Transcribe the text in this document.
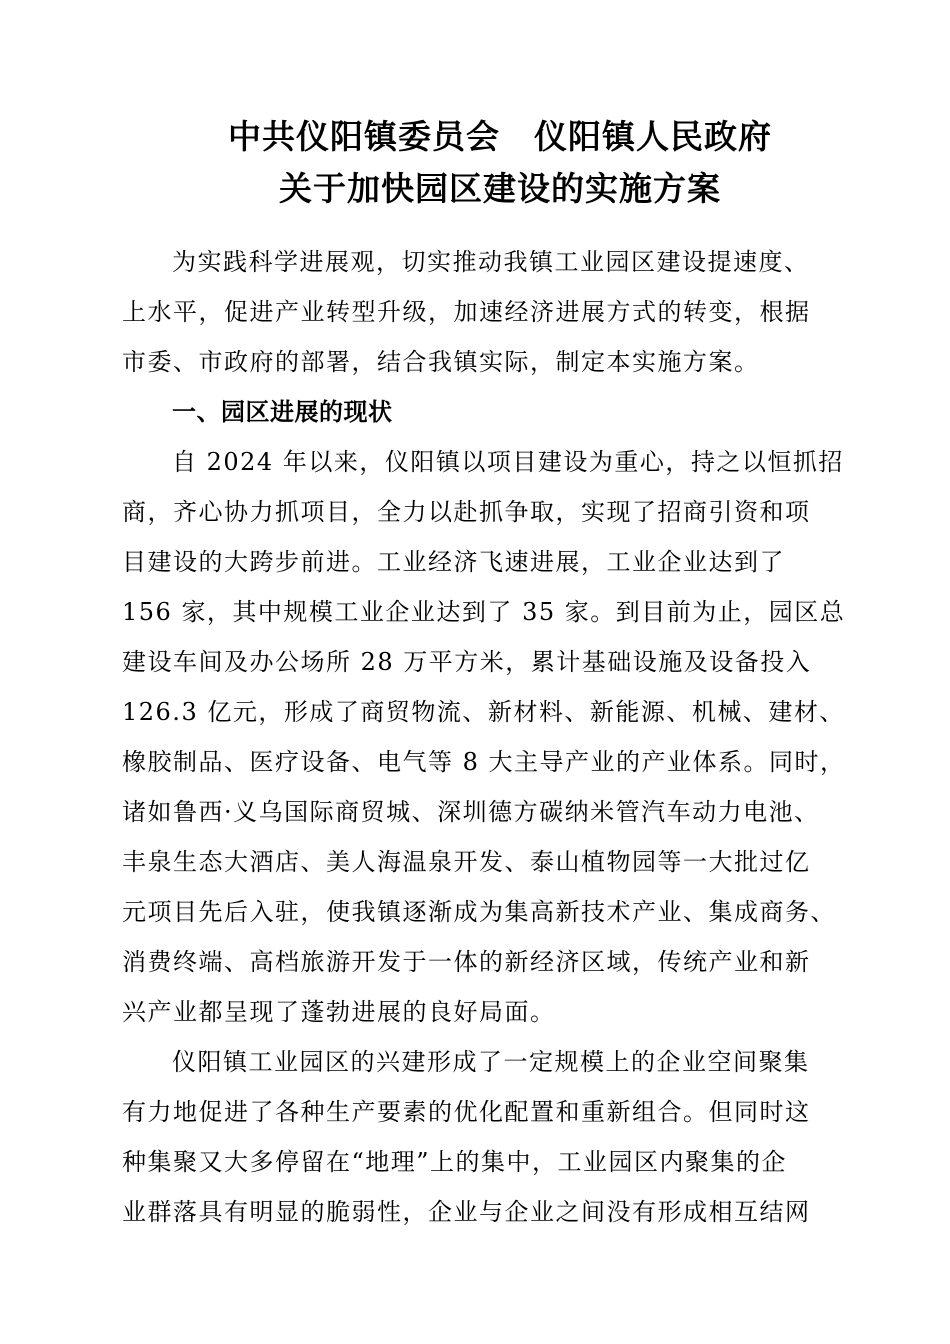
中共仪阳镇委员会　仪阳镇人民政府
关于加快园区建设的实施方案
为实践科学进展观，切实推动我镇工业园区建设提速度、
上水平，促进产业转型升级，加速经济进展方式的转变，根据
市委、市政府的部署，结合我镇实际，制定本实施方案。
一、园区进展的现状
自 2024 年以来，仪阳镇以项目建设为重心，持之以恒抓招
商，齐心协力抓项目，全力以赴抓争取，实现了招商引资和项
目建设的大跨步前进。工业经济飞速进展，工业企业达到了
156 家，其中规模工业企业达到了 35 家。到目前为止，园区总
建设车间及办公场所 28 万平方米，累计基础设施及设备投入
126.3 亿元，形成了商贸物流、新材料、新能源、机械、建材、
橡胶制品、医疗设备、电气等 8 大主导产业的产业体系。同时，
诸如鲁西·义乌国际商贸城、深圳德方碳纳米管汽车动力电池、
丰泉生态大酒店、美人海温泉开发、泰山植物园等一大批过亿
元项目先后入驻，使我镇逐渐成为集高新技术产业、集成商务、
消费终端、高档旅游开发于一体的新经济区域，传统产业和新
兴产业都呈现了蓬勃进展的良好局面。
仪阳镇工业园区的兴建形成了一定规模上的企业空间聚集
有力地促进了各种生产要素的优化配置和重新组合。但同时这
种集聚又大多停留在“地理”上的集中，工业园区内聚集的企
业群落具有明显的脆弱性，企业与企业之间没有形成相互结网
